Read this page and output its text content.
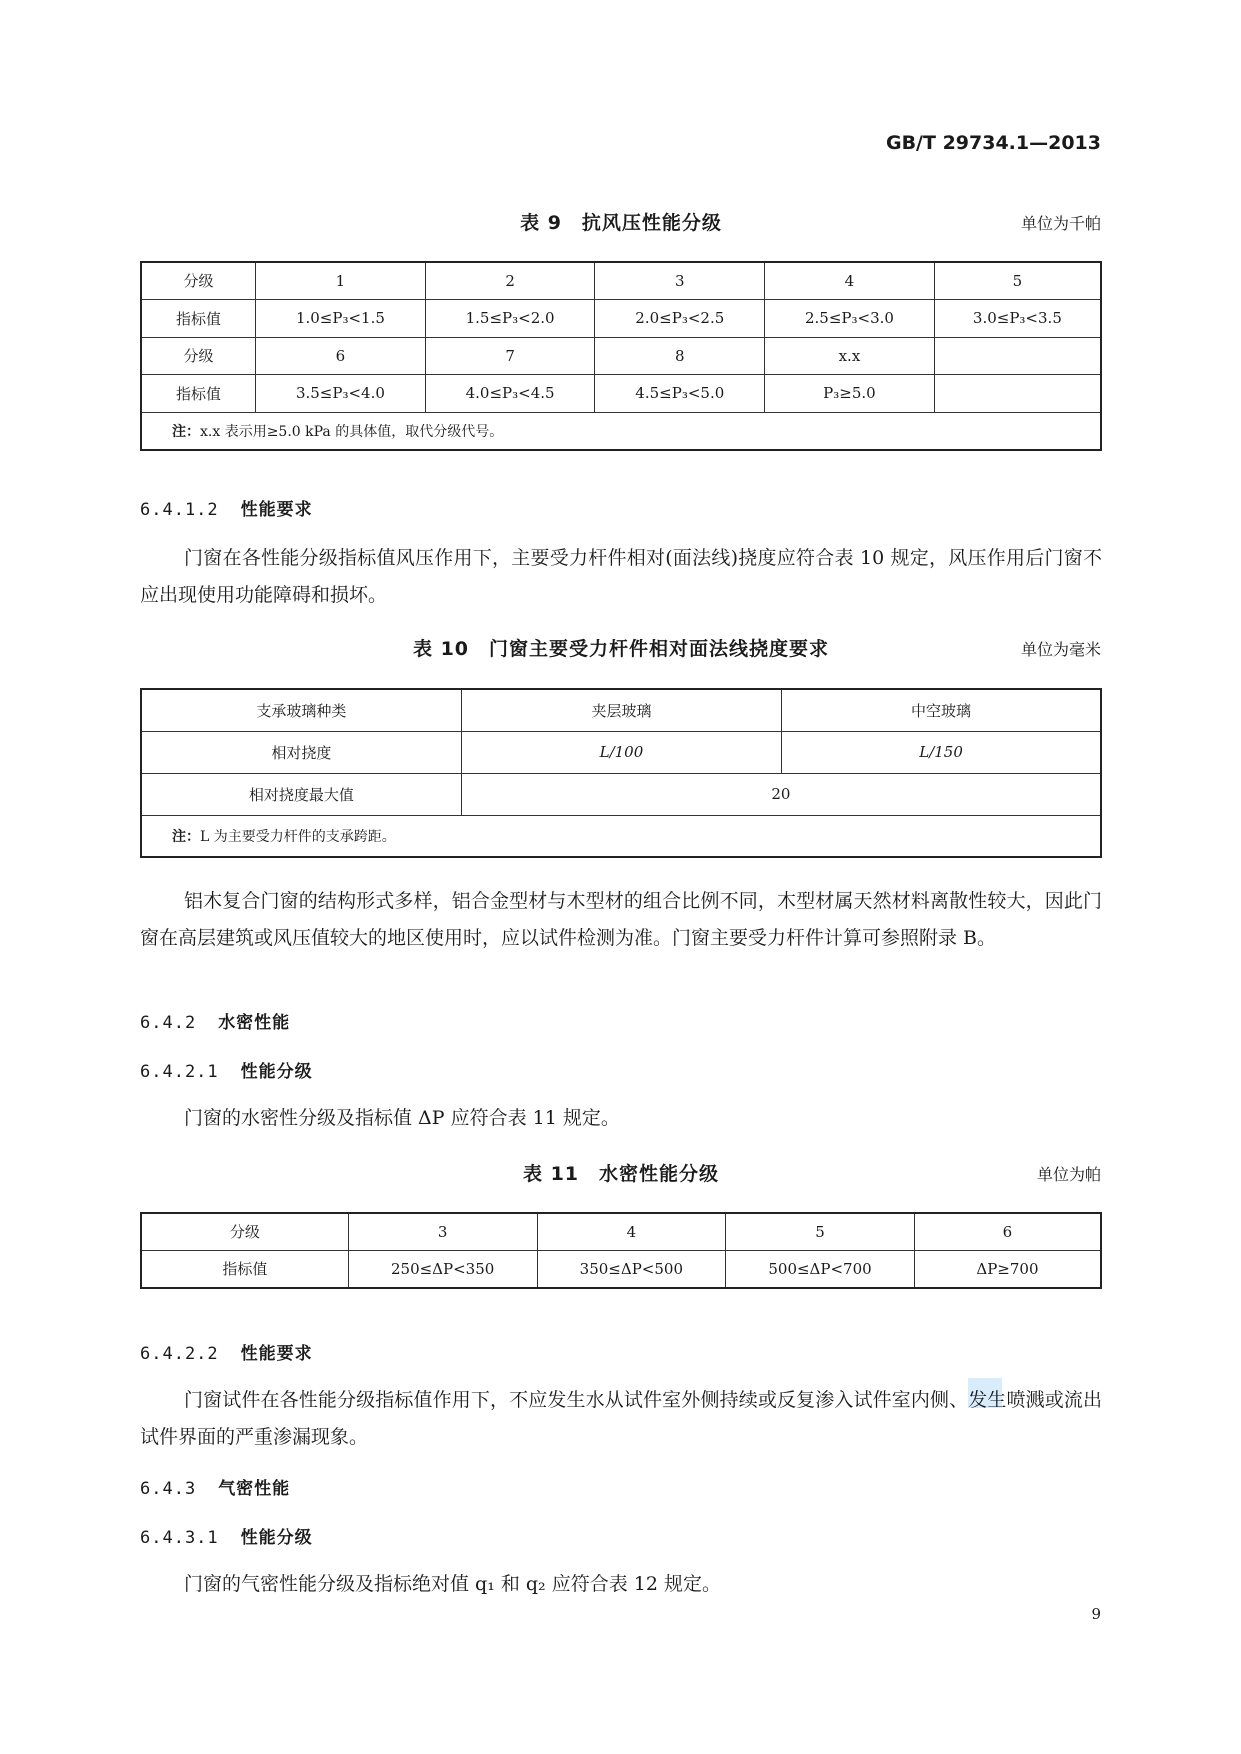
GB/T 29734.1—2013
表 9　抗风压性能分级	单位为千帕
分级	1	2	3	4	5
指标值	1.0≤P₃<1.5	1.5≤P₃<2.0	2.0≤P₃<2.5	2.5≤P₃<3.0	3.0≤P₃<3.5
分级	6	7	8	x.x	
指标值	3.5≤P₃<4.0	4.0≤P₃<4.5	4.5≤P₃<5.0	P₃≥5.0	
注：x.x 表示用≥5.0 kPa 的具体值，取代分级代号。					
6.4.1.2 性能要求
门窗在各性能分级指标值风压作用下，主要受力杆件相对(面法线)挠度应符合表 10 规定，风压作用后门窗不应出现使用功能障碍和损坏。
表 10　门窗主要受力杆件相对面法线挠度要求	单位为毫米
支承玻璃种类	夹层玻璃	中空玻璃
相对挠度	L/100	L/150
相对挠度最大值	20	
注：L 为主要受力杆件的支承跨距。		
铝木复合门窗的结构形式多样，铝合金型材与木型材的组合比例不同，木型材属天然材料离散性较大，因此门窗在高层建筑或风压值较大的地区使用时，应以试件检测为准。门窗主要受力杆件计算可参照附录 B。
6.4.2 水密性能
6.4.2.1 性能分级
门窗的水密性分级及指标值 ΔP 应符合表 11 规定。
表 11　水密性能分级	单位为帕
分级	3	4	5	6
指标值	250≤ΔP<350	350≤ΔP<500	500≤ΔP<700	ΔP≥700
6.4.2.2 性能要求
门窗试件在各性能分级指标值作用下，不应发生水从试件室外侧持续或反复渗入试件室内侧、发生喷溅或流出试件界面的严重渗漏现象。
6.4.3 气密性能
6.4.3.1 性能分级
门窗的气密性能分级及指标绝对值 q₁ 和 q₂ 应符合表 12 规定。
9
